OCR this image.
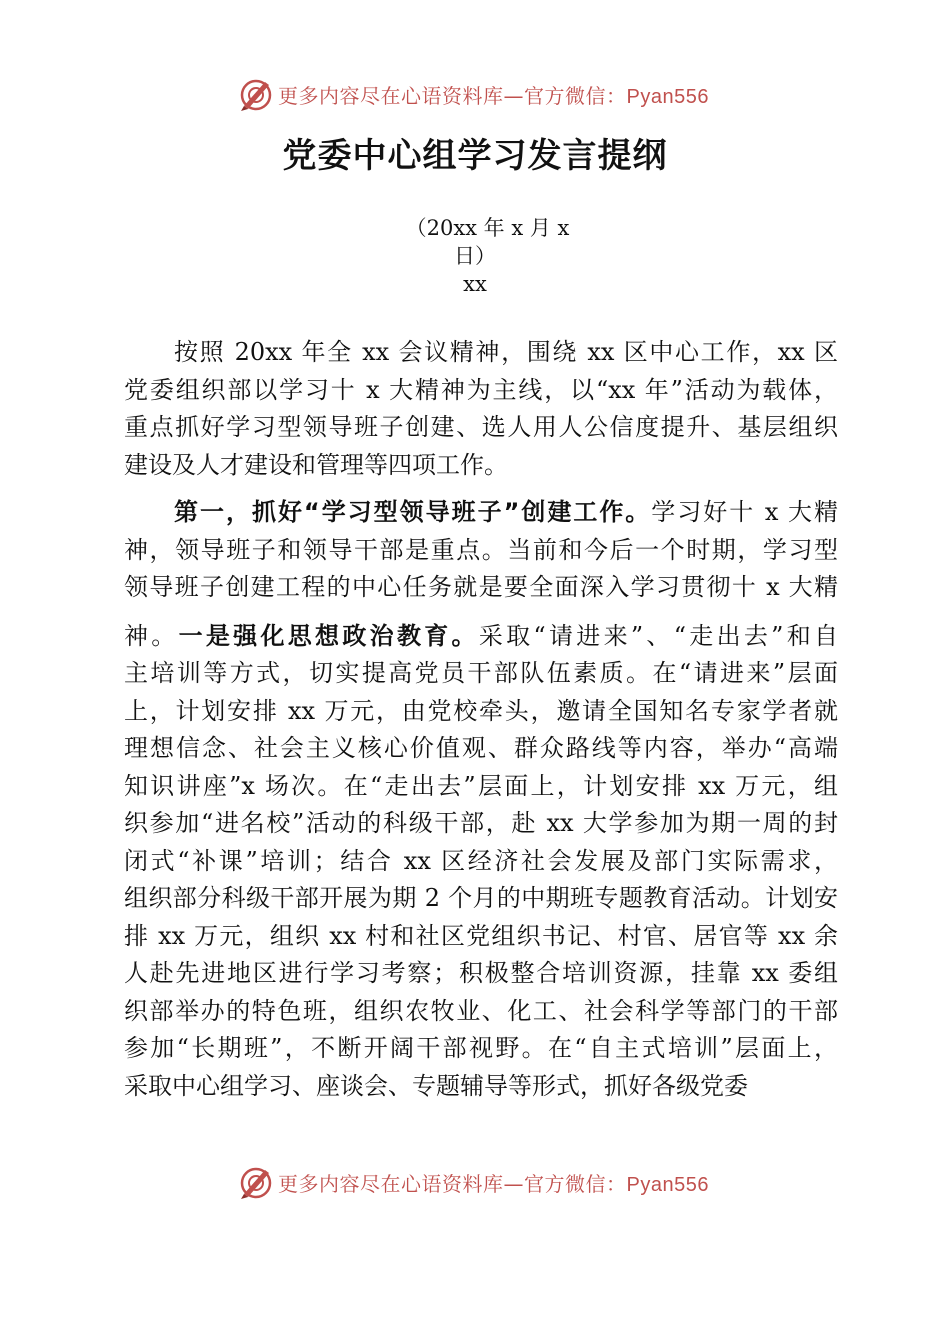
更多内容尽在心语资料库—官方微信：Pyan556
党委中心组学习发言提纲
（20xx 年 x 月 x
日）
xx
按照 20xx 年全 xx 会议精神，围绕 xx 区中心工作，xx 区
党委组织部以学习十 x 大精神为主线，以“xx 年”活动为载体，
重点抓好学习型领导班子创建、选人用人公信度提升、基层组织
建设及人才建设和管理等四项工作。
第一，抓好“学习型领导班子”创建工作。学习好十 x 大精
神，领导班子和领导干部是重点。当前和今后一个时期，学习型
领导班子创建工程的中心任务就是要全面深入学习贯彻十 x 大精
神。一是强化思想政治教育。采取“请进来”、“走出去”和自
主培训等方式，切实提高党员干部队伍素质。在“请进来”层面
上，计划安排 xx 万元，由党校牵头，邀请全国知名专家学者就
理想信念、社会主义核心价值观、群众路线等内容，举办“高端
知识讲座”x 场次。在“走出去”层面上，计划安排 xx 万元，组
织参加“进名校”活动的科级干部，赴 xx 大学参加为期一周的封
闭式“补课”培训；结合 xx 区经济社会发展及部门实际需求，
组织部分科级干部开展为期 2 个月的中期班专题教育活动。计划安
排 xx 万元，组织 xx 村和社区党组织书记、村官、居官等 xx 余
人赴先进地区进行学习考察；积极整合培训资源，挂靠 xx 委组
织部举办的特色班，组织农牧业、化工、社会科学等部门的干部
参加“长期班”，不断开阔干部视野。在“自主式培训”层面上，
采取中心组学习、座谈会、专题辅导等形式，抓好各级党委
更多内容尽在心语资料库—官方微信：Pyan556
